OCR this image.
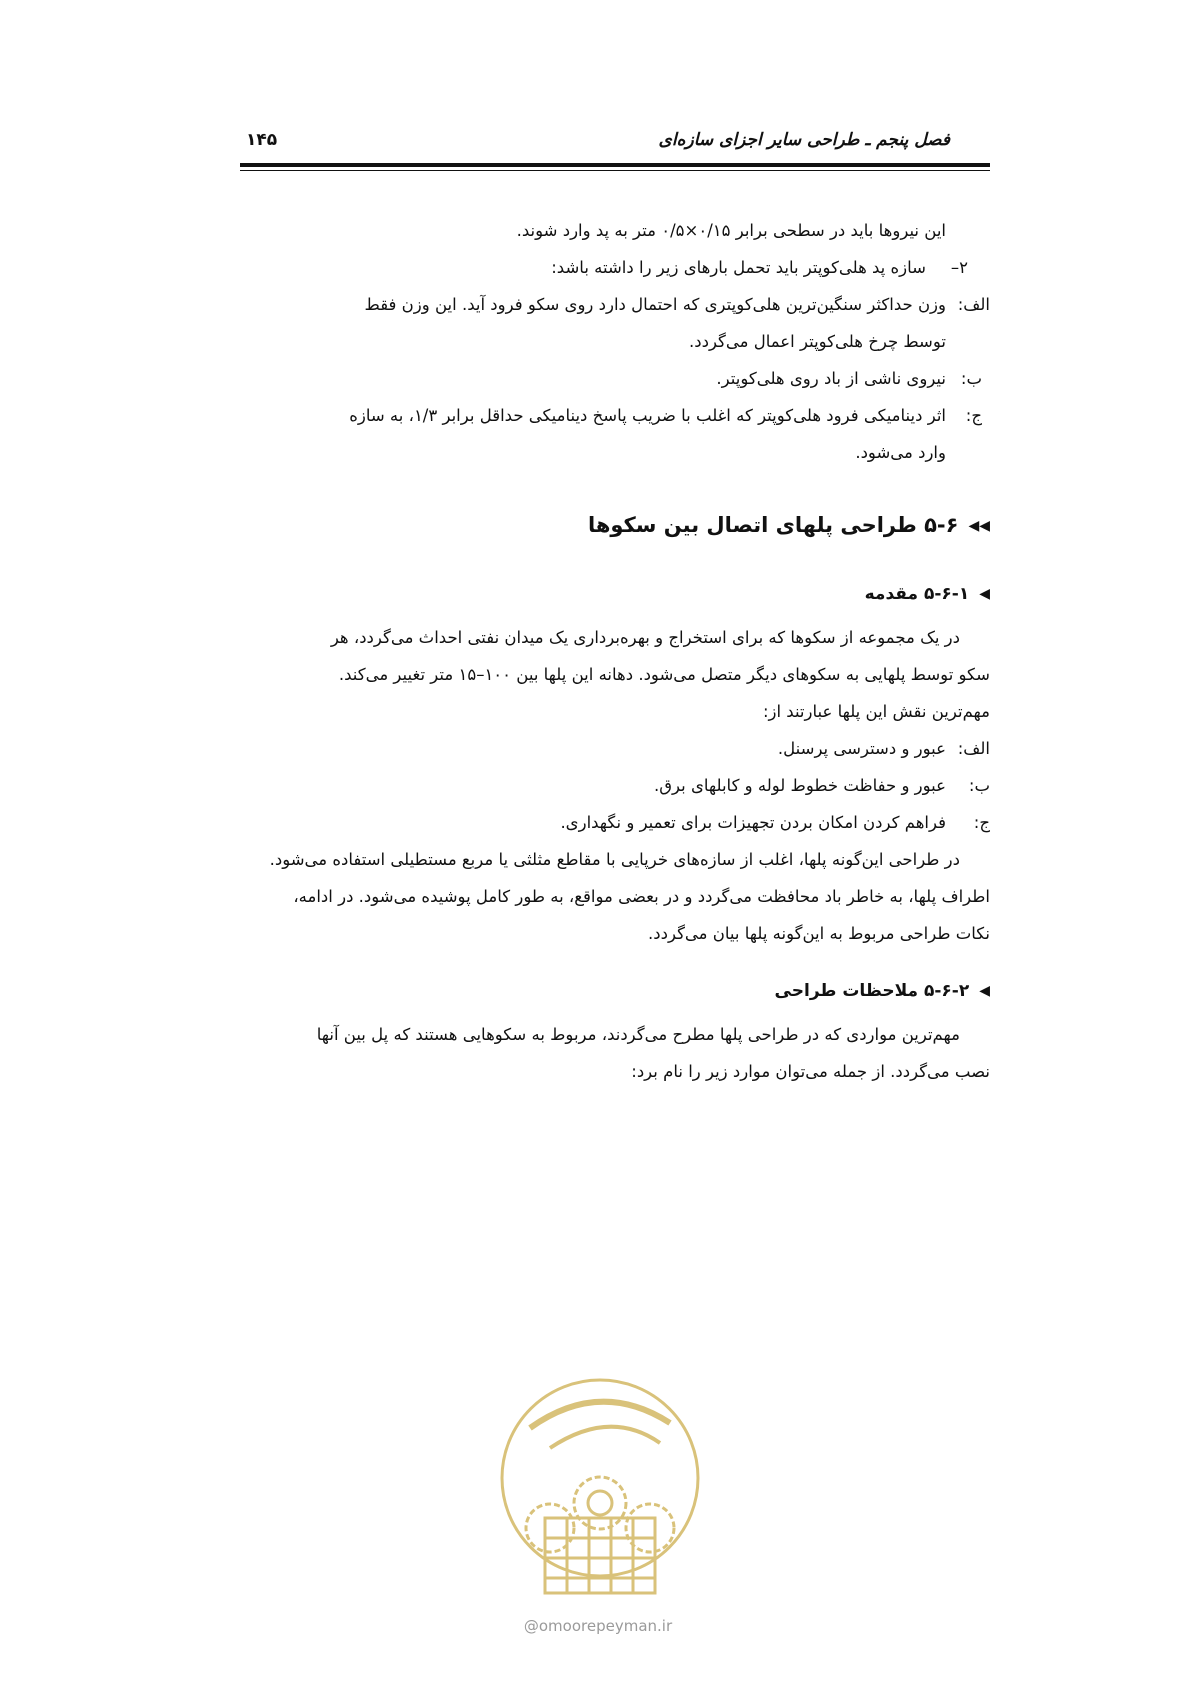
فصل پنجم ـ طراحی سایر اجزای سازه‌ای
۱۴۵
این نیروها باید در سطحی برابر ۰/۱۵×۰/۵ متر به پد وارد شوند.
۲–
سازه پد هلی‌کوپتر باید تحمل بارهای زیر را داشته باشد:
الف:
وزن حداکثر سنگین‌ترین هلی‌کوپتری که احتمال دارد روی سکو فرود آید. این وزن فقط
توسط چرخ هلی‌کوپتر اعمال می‌گردد.
ب:
نیروی ناشی از باد روی هلی‌کوپتر.
ج:
اثر دینامیکی فرود هلی‌کوپتر که اغلب با ضریب پاسخ دینامیکی حداقل برابر ۱/۳، به سازه
وارد می‌شود.
◀◀۵-۶ طراحی پلهای اتصال بین سکوها
◀۵-۶-۱ مقدمه
در یک مجموعه از سکوها که برای استخراج و بهره‌برداری یک میدان نفتی احداث می‌گردد، هر
سکو توسط پلهایی به سکوهای دیگر متصل می‌شود. دهانه این پلها بین ۱۰۰–۱۵ متر تغییر می‌کند.
مهم‌ترین نقش این پلها عبارتند از:
الف:
عبور و دسترسی پرسنل.
ب:
عبور و حفاظت خطوط لوله و کابلهای برق.
ج:
فراهم کردن امکان بردن تجهیزات برای تعمیر و نگهداری.
در طراحی این‌گونه پلها، اغلب از سازه‌های خرپایی با مقاطع مثلثی یا مربع مستطیلی استفاده می‌شود.
اطراف پلها، به خاطر باد محافظت می‌گردد و در بعضی مواقع، به طور کامل پوشیده می‌شود. در ادامه،
نکات طراحی مربوط به این‌گونه پلها بیان می‌گردد.
◀۵-۶-۲ ملاحظات طراحی
مهم‌ترین مواردی که در طراحی پلها مطرح می‌گردند، مربوط به سکوهایی هستند که پل بین آنها
نصب می‌گردد. از جمله می‌توان موارد زیر را نام برد:
@omoorepeyman.ir
